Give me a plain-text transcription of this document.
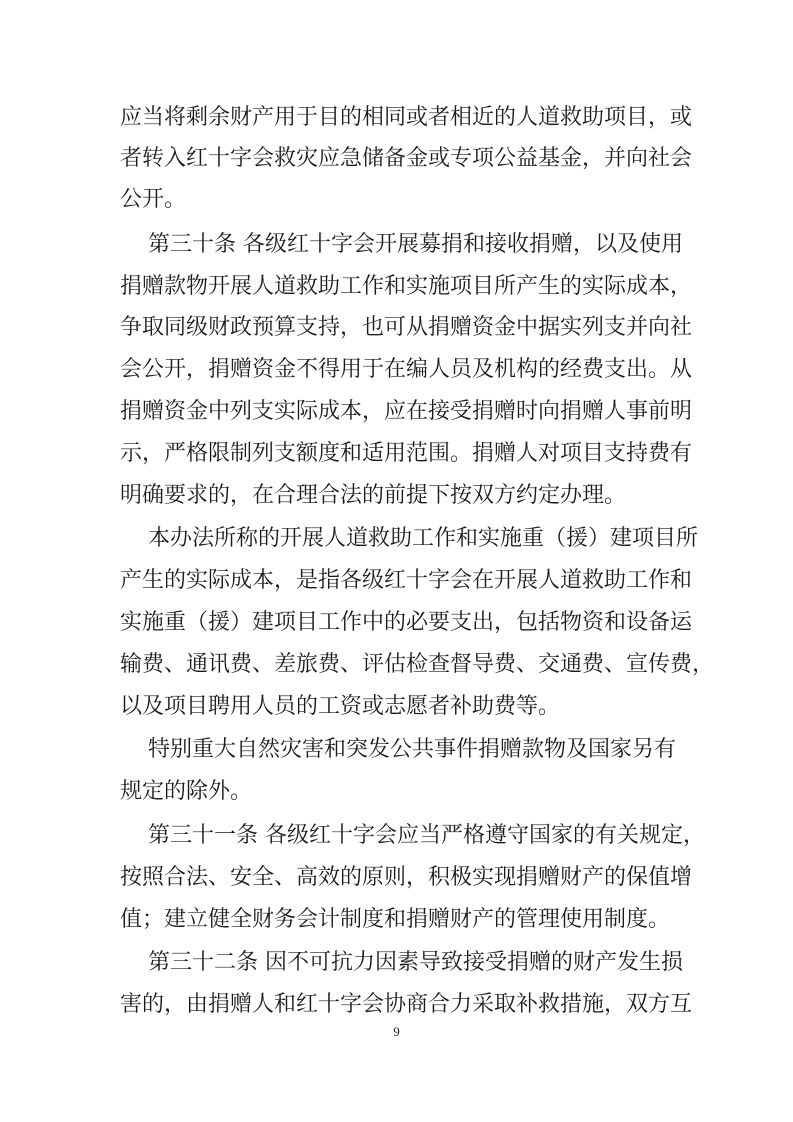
应当将剩余财产用于目的相同或者相近的人道救助项目，或
者转入红十字会救灾应急储备金或专项公益基金，并向社会
公开。
第三十条 各级红十字会开展募捐和接收捐赠，以及使用
捐赠款物开展人道救助工作和实施项目所产生的实际成本，
争取同级财政预算支持，也可从捐赠资金中据实列支并向社
会公开，捐赠资金不得用于在编人员及机构的经费支出。从
捐赠资金中列支实际成本，应在接受捐赠时向捐赠人事前明
示，严格限制列支额度和适用范围。捐赠人对项目支持费有
明确要求的，在合理合法的前提下按双方约定办理。
本办法所称的开展人道救助工作和实施重（援）建项目所
产生的实际成本，是指各级红十字会在开展人道救助工作和
实施重（援）建项目工作中的必要支出，包括物资和设备运
输费、通讯费、差旅费、评估检查督导费、交通费、宣传费，
以及项目聘用人员的工资或志愿者补助费等。
特别重大自然灾害和突发公共事件捐赠款物及国家另有
规定的除外。
第三十一条 各级红十字会应当严格遵守国家的有关规定，
按照合法、安全、高效的原则，积极实现捐赠财产的保值增
值；建立健全财务会计制度和捐赠财产的管理使用制度。
第三十二条 因不可抗力因素导致接受捐赠的财产发生损
害的，由捐赠人和红十字会协商合力采取补救措施，双方互
9
